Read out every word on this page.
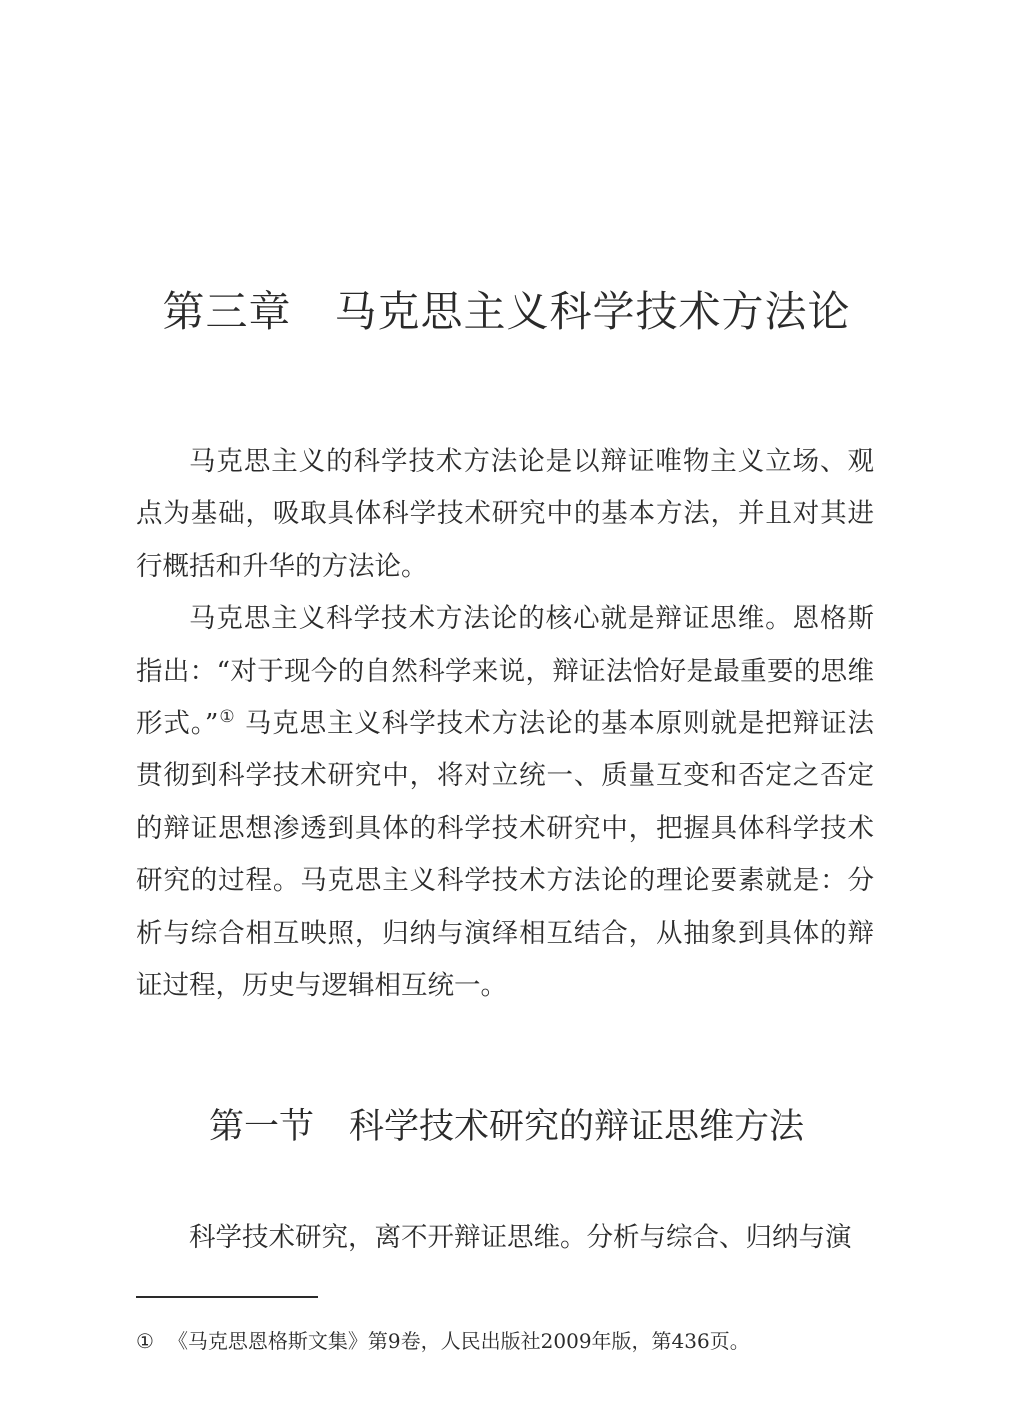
第三章　马克思主义科学技术方法论

马克思主义的科学技术方法论是以辩证唯物主义立场、观点为基础，吸取具体科学技术研究中的基本方法，并且对其进行概括和升华的方法论。

马克思主义科学技术方法论的核心就是辩证思维。恩格斯指出：“对于现今的自然科学来说，辩证法恰好是最重要的思维形式。”① 马克思主义科学技术方法论的基本原则就是把辩证法贯彻到科学技术研究中，将对立统一、质量互变和否定之否定的辩证思想渗透到具体的科学技术研究中，把握具体科学技术研究的过程。马克思主义科学技术方法论的理论要素就是：分析与综合相互映照，归纳与演绎相互结合，从抽象到具体的辩证过程，历史与逻辑相互统一。

第一节　科学技术研究的辩证思维方法

科学技术研究，离不开辩证思维。分析与综合、归纳与演

① 《马克思恩格斯文集》第9卷，人民出版社2009年版，第436页。
